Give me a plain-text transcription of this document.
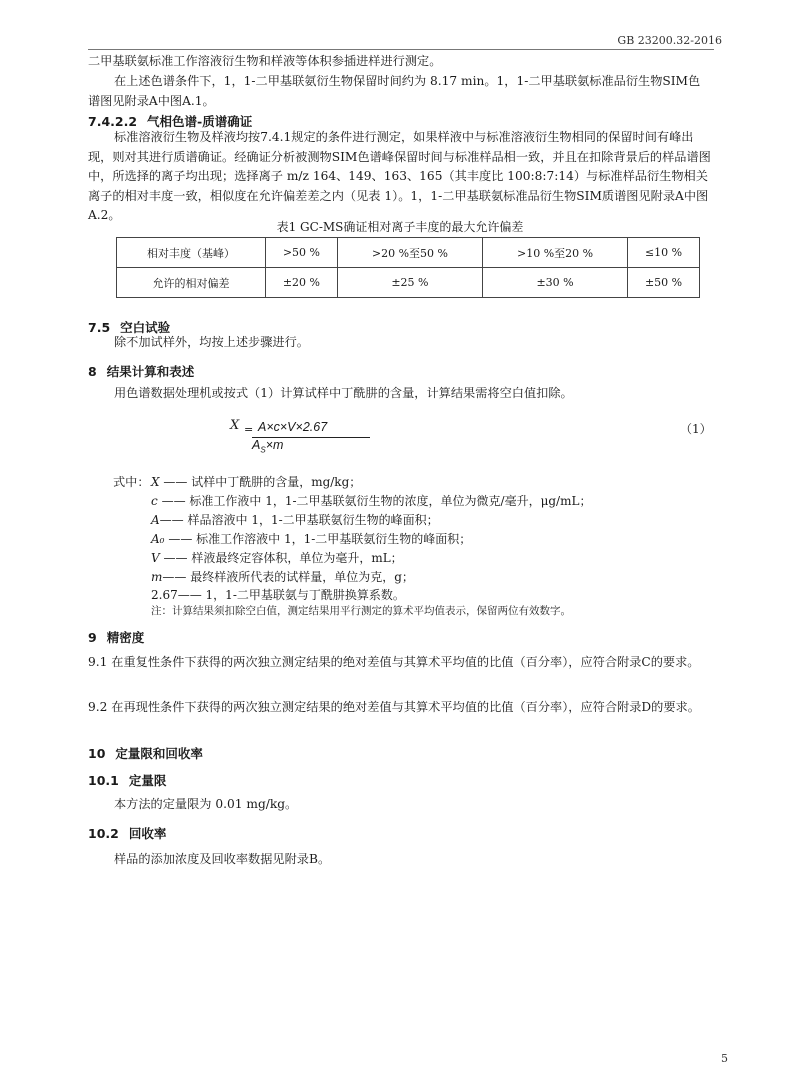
GB 23200.32-2016

二甲基联氨标准工作溶液衍生物和样液等体积参插进样进行测定。

在上述色谱条件下，1，1-二甲基联氨衍生物保留时间约为 8.17 min。1，1-二甲基联氨标准品衍生物SIM色谱图见附录A中图A.1。

7.4.2.2 气相色谱-质谱确证

标准溶液衍生物及样液均按7.4.1规定的条件进行测定，如果样液中与标准溶液衍生物相同的保留时间有峰出现，则对其进行质谱确证。经确证分析被测物SIM色谱峰保留时间与标准样品相一致，并且在扣除背景后的样品谱图中，所选择的离子均出现；选择离子 m/z 164、149、163、165（其丰度比 100:8:7:14）与标准样品衍生物相关离子的相对丰度一致，相似度在允许偏差差之内（见表 1）。1，1-二甲基联氨标准品衍生物SIM质谱图见附录A中图A.2。

表1 GC-MS确证相对离子丰度的最大允许偏差
相对丰度（基峰）	>50 %	>20 %至50 %	>10 %至20 %	≤10 %
允许的相对偏差	±20 %	±25 %	±30 %	±50 %
7.5 空白试验

除不加试样外，均按上述步骤进行。

8 结果计算和表述

用色谱数据处理机或按式（1）计算试样中丁酰肼的含量，计算结果需将空白值扣除。

X = A×c×V×2.67
$A_S\times m$
（1）
式中： X —— 试样中丁酰肼的含量，mg/kg；
c —— 标准工作液中 1，1-二甲基联氨衍生物的浓度，单位为微克/毫升，μg/mL；
A—— 样品溶液中 1，1-二甲基联氨衍生物的峰面积；
A₀ —— 标准工作溶液中 1，1-二甲基联氨衍生物的峰面积；
V —— 样液最终定容体积，单位为毫升，mL；
m—— 最终样液所代表的试样量，单位为克，g；
2.67—— 1，1-二甲基联氨与丁酰肼换算系数。
注：计算结果须扣除空白值，测定结果用平行测定的算术平均值表示，保留两位有效数字。
9 精密度

9.1 在重复性条件下获得的两次独立测定结果的绝对差值与其算术平均值的比值（百分率），应符合附录C的要求。

9.2 在再现性条件下获得的两次独立测定结果的绝对差值与其算术平均值的比值（百分率），应符合附录D的要求。

10 定量限和回收率
10.1 定量限

本方法的定量限为 0.01 mg/kg。

10.2 回收率

样品的添加浓度及回收率数据见附录B。

5
